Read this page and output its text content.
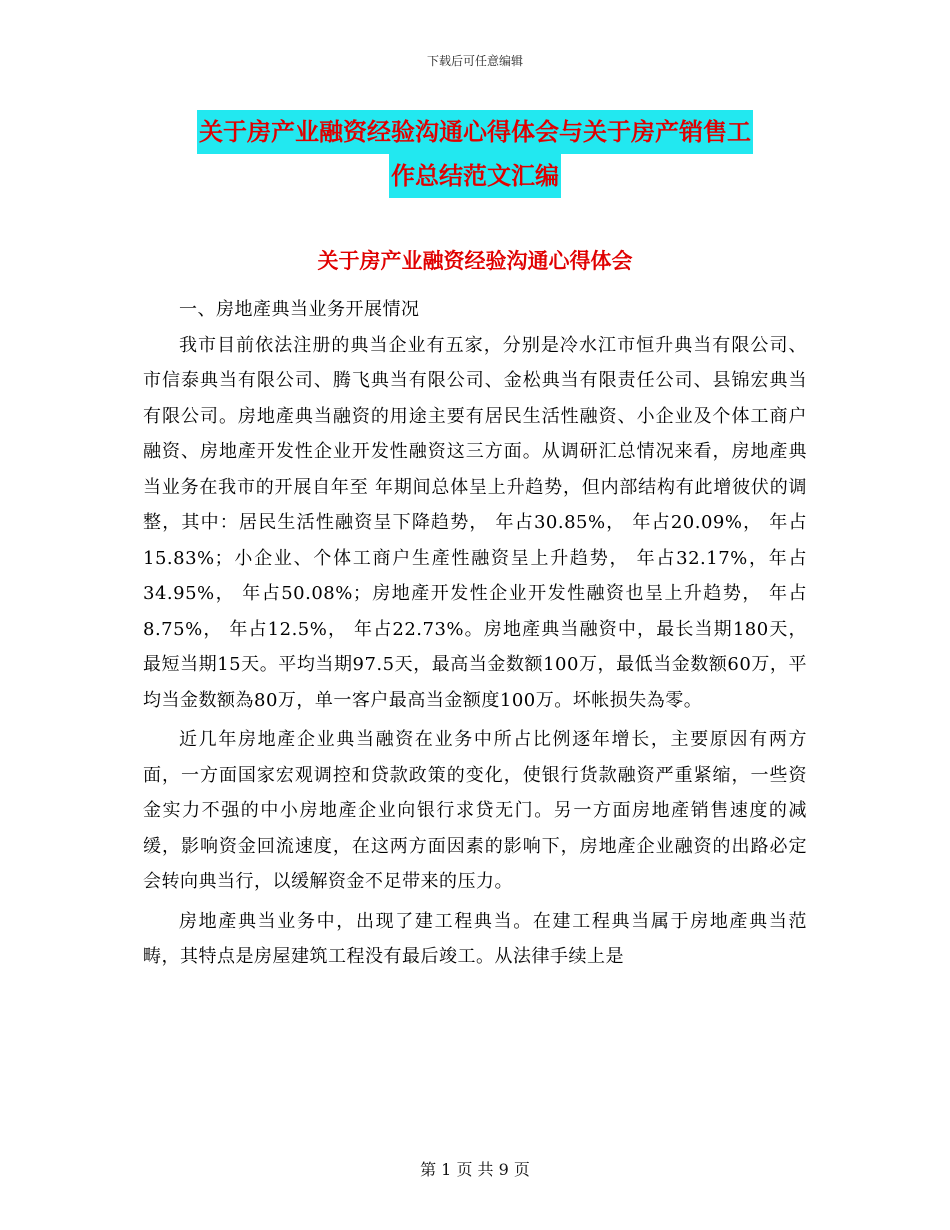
下载后可任意编辑
关于房产业融资经验沟通心得体会与关于房产销售工
作总结范文汇编
关于房产业融资经验沟通心得体会

一、房地產典当业务开展情况

我市目前依法注册的典当企业有五家，分别是冷水江市恒升典当有限公司、市信泰典当有限公司、腾飞典当有限公司、金松典当有限责任公司、县锦宏典当有限公司。房地產典当融资的用途主要有居民生活性融资、小企业及个体工商户融资、房地產开发性企业开发性融资这三方面。从调研汇总情况来看，房地產典当业务在我市的开展自年至 年期间总体呈上升趋势，但内部结构有此增彼伏的调整，其中：居民生活性融资呈下降趋势， 年占30.85%， 年占20.09%， 年占15.83%；小企业、个体工商户生產性融资呈上升趋势， 年占32.17%，年占34.95%， 年占50.08%；房地產开发性企业开发性融资也呈上升趋势， 年占8.75%， 年占12.5%， 年占22.73%。房地產典当融资中，最长当期180天，最短当期15天。平均当期97.5天，最高当金数额100万，最低当金数额60万，平均当金数额為80万，单一客户最高当金额度100万。坏帐损失為零。

近几年房地產企业典当融资在业务中所占比例逐年增长，主要原因有两方面，一方面国家宏观调控和贷款政策的变化，使银行货款融资严重紧缩，一些资金实力不强的中小房地產企业向银行求贷无门。另一方面房地產销售速度的减缓，影响资金回流速度，在这两方面因素的影响下，房地產企业融资的出路必定会转向典当行，以缓解资金不足带来的压力。

房地產典当业务中，出现了建工程典当。在建工程典当属于房地產典当范畴，其特点是房屋建筑工程没有最后竣工。从法律手续上是

第 1 页 共 9 页
